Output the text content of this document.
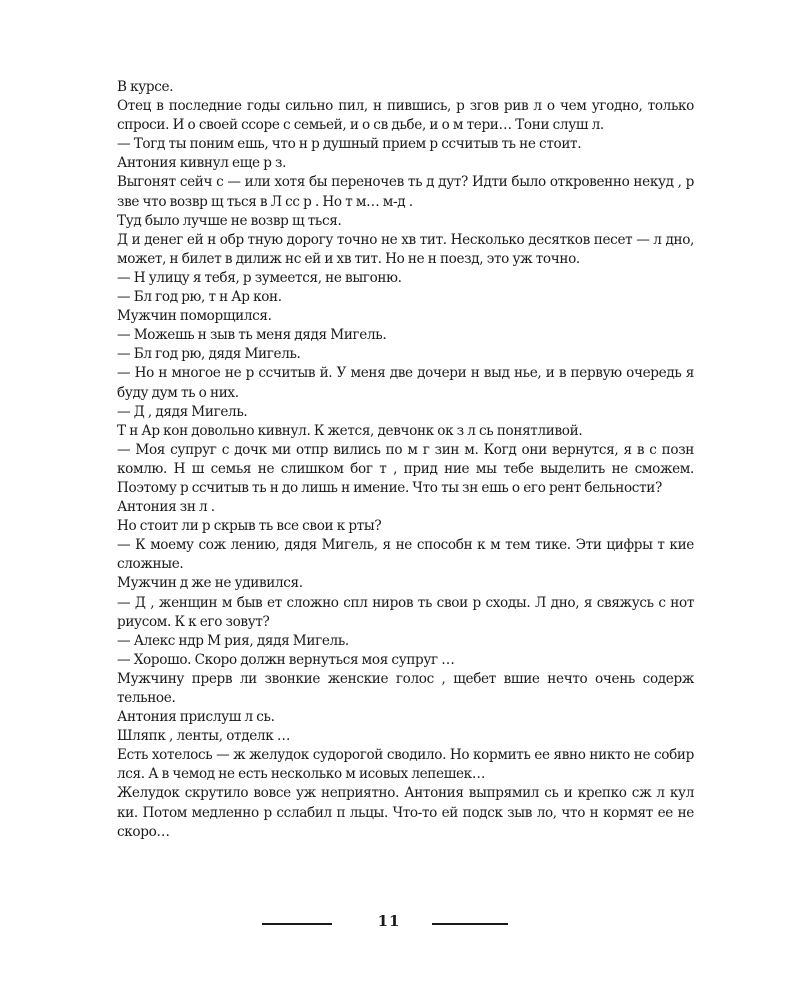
В курсе.

Отец в последние годы сильно пил, н пившись, р згов рив л о чем угодно, только спроси. И о своей ссоре с семьей, и о св дьбе, и о м тери… Тони слуш л.

— Тогд ты поним ешь, что н р душный прием р ссчитыв ть не стоит.

Антония кивнул еще р з.

Выгонят сейч с — или хотя бы переночев ть д дут? Идти было откровенно некуд , р зве что возвр щ ться в Л сс р . Но т м… м-д .

Туд было лучше не возвр щ ться.

Д и денег ей н обр тную дорогу точно не хв тит. Несколько десятков песет — л дно, может, н билет в дилиж нс ей и хв тит. Но не н поезд, это уж точно.

— Н улицу я тебя, р зумеется, не выгоню.

— Бл год рю, т н Ар кон.

Мужчин поморщился.

— Можешь н зыв ть меня дядя Мигель.

— Бл год рю, дядя Мигель.

— Но н многое не р ссчитыв й. У меня две дочери н выд нье, и в первую очередь я буду дум ть о них.

— Д , дядя Мигель.

Т н Ар кон довольно кивнул. К жется, девчонк ок з л сь понятливой.

— Моя супруг с дочк ми отпр вились по м г зин м. Когд они вернутся, я в с позн комлю. Н ш семья не слишком бог т , прид ние мы тебе выделить не сможем. Поэтому р ссчитыв ть н до лишь н имение. Что ты зн ешь о его рент бельности?

Антония зн л .

Но стоит ли р скрыв ть все свои к рты?

— К моему сож лению, дядя Мигель, я не способн к м тем тике. Эти цифры т кие сложные.

Мужчин д же не удивился.

— Д , женщин м быв ет сложно спл ниров ть свои р сходы. Л дно, я свяжусь с нот риусом. К к его зовут?

— Алекс ндр М рия, дядя Мигель.

— Хорошо. Скоро должн вернуться моя супруг …

Мужчину прерв ли звонкие женские голос , щебет вшие нечто очень содерж тельное.

Антония прислуш л сь.

Шляпк , ленты, отделк …

Есть хотелось — ж желудок судорогой сводило. Но кормить ее явно никто не собир лся. А в чемод не есть несколько м исовых лепешек…

Желудок скрутило вовсе уж неприятно. Антония выпрямил сь и крепко сж л кул ки. Потом медленно р сслабил п льцы. Что-то ей подск зыв ло, что н кормят ее не скоро…

11
